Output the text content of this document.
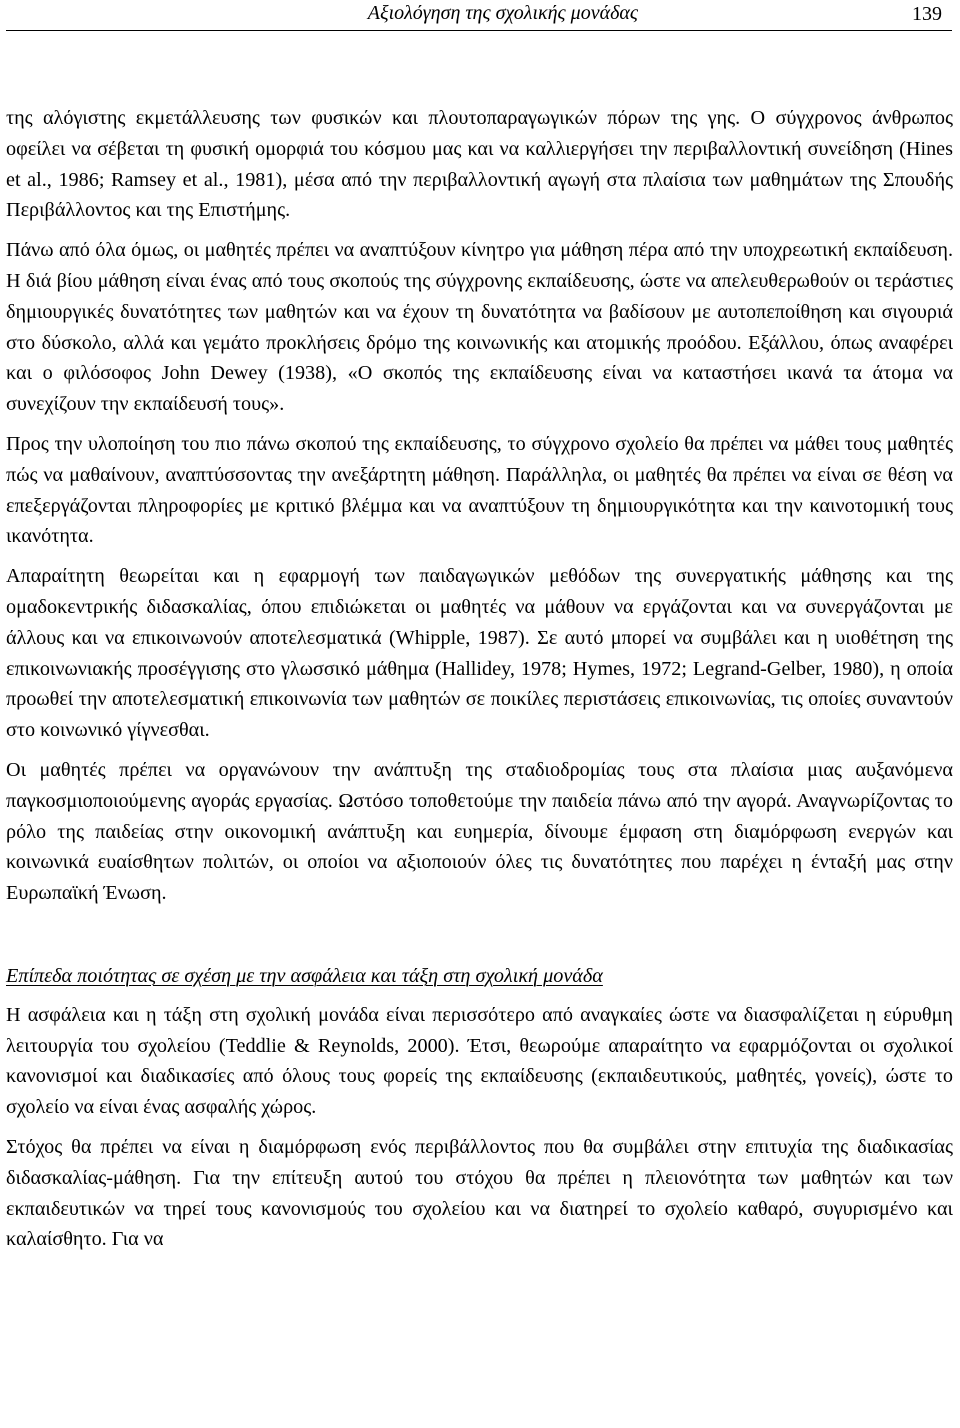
Αξιολόγηση της σχολικής μονάδας	139

της αλόγιστης εκμετάλλευσης των φυσικών και πλουτοπαραγωγικών πόρων της γης. Ο σύγχρονος άνθρωπος οφείλει να σέβεται τη φυσική ομορφιά του κόσμου μας και να καλλιεργήσει την περιβαλλοντική συνείδηση (Hines et al., 1986; Ramsey et al., 1981), μέσα από την περιβαλλοντική αγωγή στα πλαίσια των μαθημάτων της Σπουδής Περιβάλλοντος και της Επιστήμης.

Πάνω από όλα όμως, οι μαθητές πρέπει να αναπτύξουν κίνητρο για μάθηση πέρα από την υποχρεωτική εκπαίδευση. Η διά βίου μάθηση είναι ένας από τους σκοπούς της σύγχρονης εκπαίδευσης, ώστε να απελευθερωθούν οι τεράστιες δημιουργικές δυνατότητες των μαθητών και να έχουν τη δυνατότητα να βαδίσουν με αυτοπεποίθηση και σιγουριά στο δύσκολο, αλλά και γεμάτο προκλήσεις δρόμο της κοινωνικής και ατομικής προόδου. Εξάλλου, όπως αναφέρει και ο φιλόσοφος John Dewey (1938), «Ο σκοπός της εκπαίδευσης είναι να καταστήσει ικανά τα άτομα να συνεχίζουν την εκπαίδευσή τους».

Προς την υλοποίηση του πιο πάνω σκοπού της εκπαίδευσης, το σύγχρονο σχολείο θα πρέπει να μάθει τους μαθητές πώς να μαθαίνουν, αναπτύσσοντας την ανεξάρτητη μάθηση. Παράλληλα, οι μαθητές θα πρέπει να είναι σε θέση να επεξεργάζονται πληροφορίες με κριτικό βλέμμα και να αναπτύξουν τη δημιουργικότητα και την καινοτομική τους ικανότητα.

Απαραίτητη θεωρείται και η εφαρμογή των παιδαγωγικών μεθόδων της συνεργατικής μάθησης και της ομαδοκεντρικής διδασκαλίας, όπου επιδιώκεται οι μαθητές να μάθουν να εργάζονται και να συνεργάζονται με άλλους και να επικοινωνούν αποτελεσματικά (Whipple, 1987). Σε αυτό μπορεί να συμβάλει και η υιοθέτηση της επικοινωνιακής προσέγγισης στο γλωσσικό μάθημα (Hallidey, 1978; Hymes, 1972; Legrand-Gelber, 1980), η οποία προωθεί την αποτελεσματική επικοινωνία των μαθητών σε ποικίλες περιστάσεις επικοινωνίας, τις οποίες συναντούν στο κοινωνικό γίγνεσθαι.

Οι μαθητές πρέπει να οργανώνουν την ανάπτυξη της σταδιοδρομίας τους στα πλαίσια μιας αυξανόμενα παγκοσμιοποιούμενης αγοράς εργασίας. Ωστόσο τοποθετούμε την παιδεία πάνω από την αγορά. Αναγνωρίζοντας το ρόλο της παιδείας στην οικονομική ανάπτυξη και ευημερία, δίνουμε έμφαση στη διαμόρφωση ενεργών και κοινωνικά ευαίσθητων πολιτών, οι οποίοι να αξιοποιούν όλες τις δυνατότητες που παρέχει η ένταξή μας στην Ευρωπαϊκή Ένωση.

Επίπεδα ποιότητας σε σχέση με την ασφάλεια και τάξη στη σχολική μονάδα

Η ασφάλεια και η τάξη στη σχολική μονάδα είναι περισσότερο από αναγκαίες ώστε να διασφαλίζεται η εύρυθμη λειτουργία του σχολείου (Teddlie & Reynolds, 2000). Έτσι, θεωρούμε απαραίτητο να εφαρμόζονται οι σχολικοί κανονισμοί και διαδικασίες από όλους τους φορείς της εκπαίδευσης (εκπαιδευτικούς, μαθητές, γονείς), ώστε το σχολείο να είναι ένας ασφαλής χώρος.

Στόχος θα πρέπει να είναι η διαμόρφωση ενός περιβάλλοντος που θα συμβάλει στην επιτυχία της διαδικασίας διδασκαλίας-μάθηση. Για την επίτευξη αυτού του στόχου θα πρέπει η πλειονότητα των μαθητών και των εκπαιδευτικών να τηρεί τους κανονισμούς του σχολείου και να διατηρεί το σχολείο καθαρό, συγυρισμένο και καλαίσθητο. Για να
